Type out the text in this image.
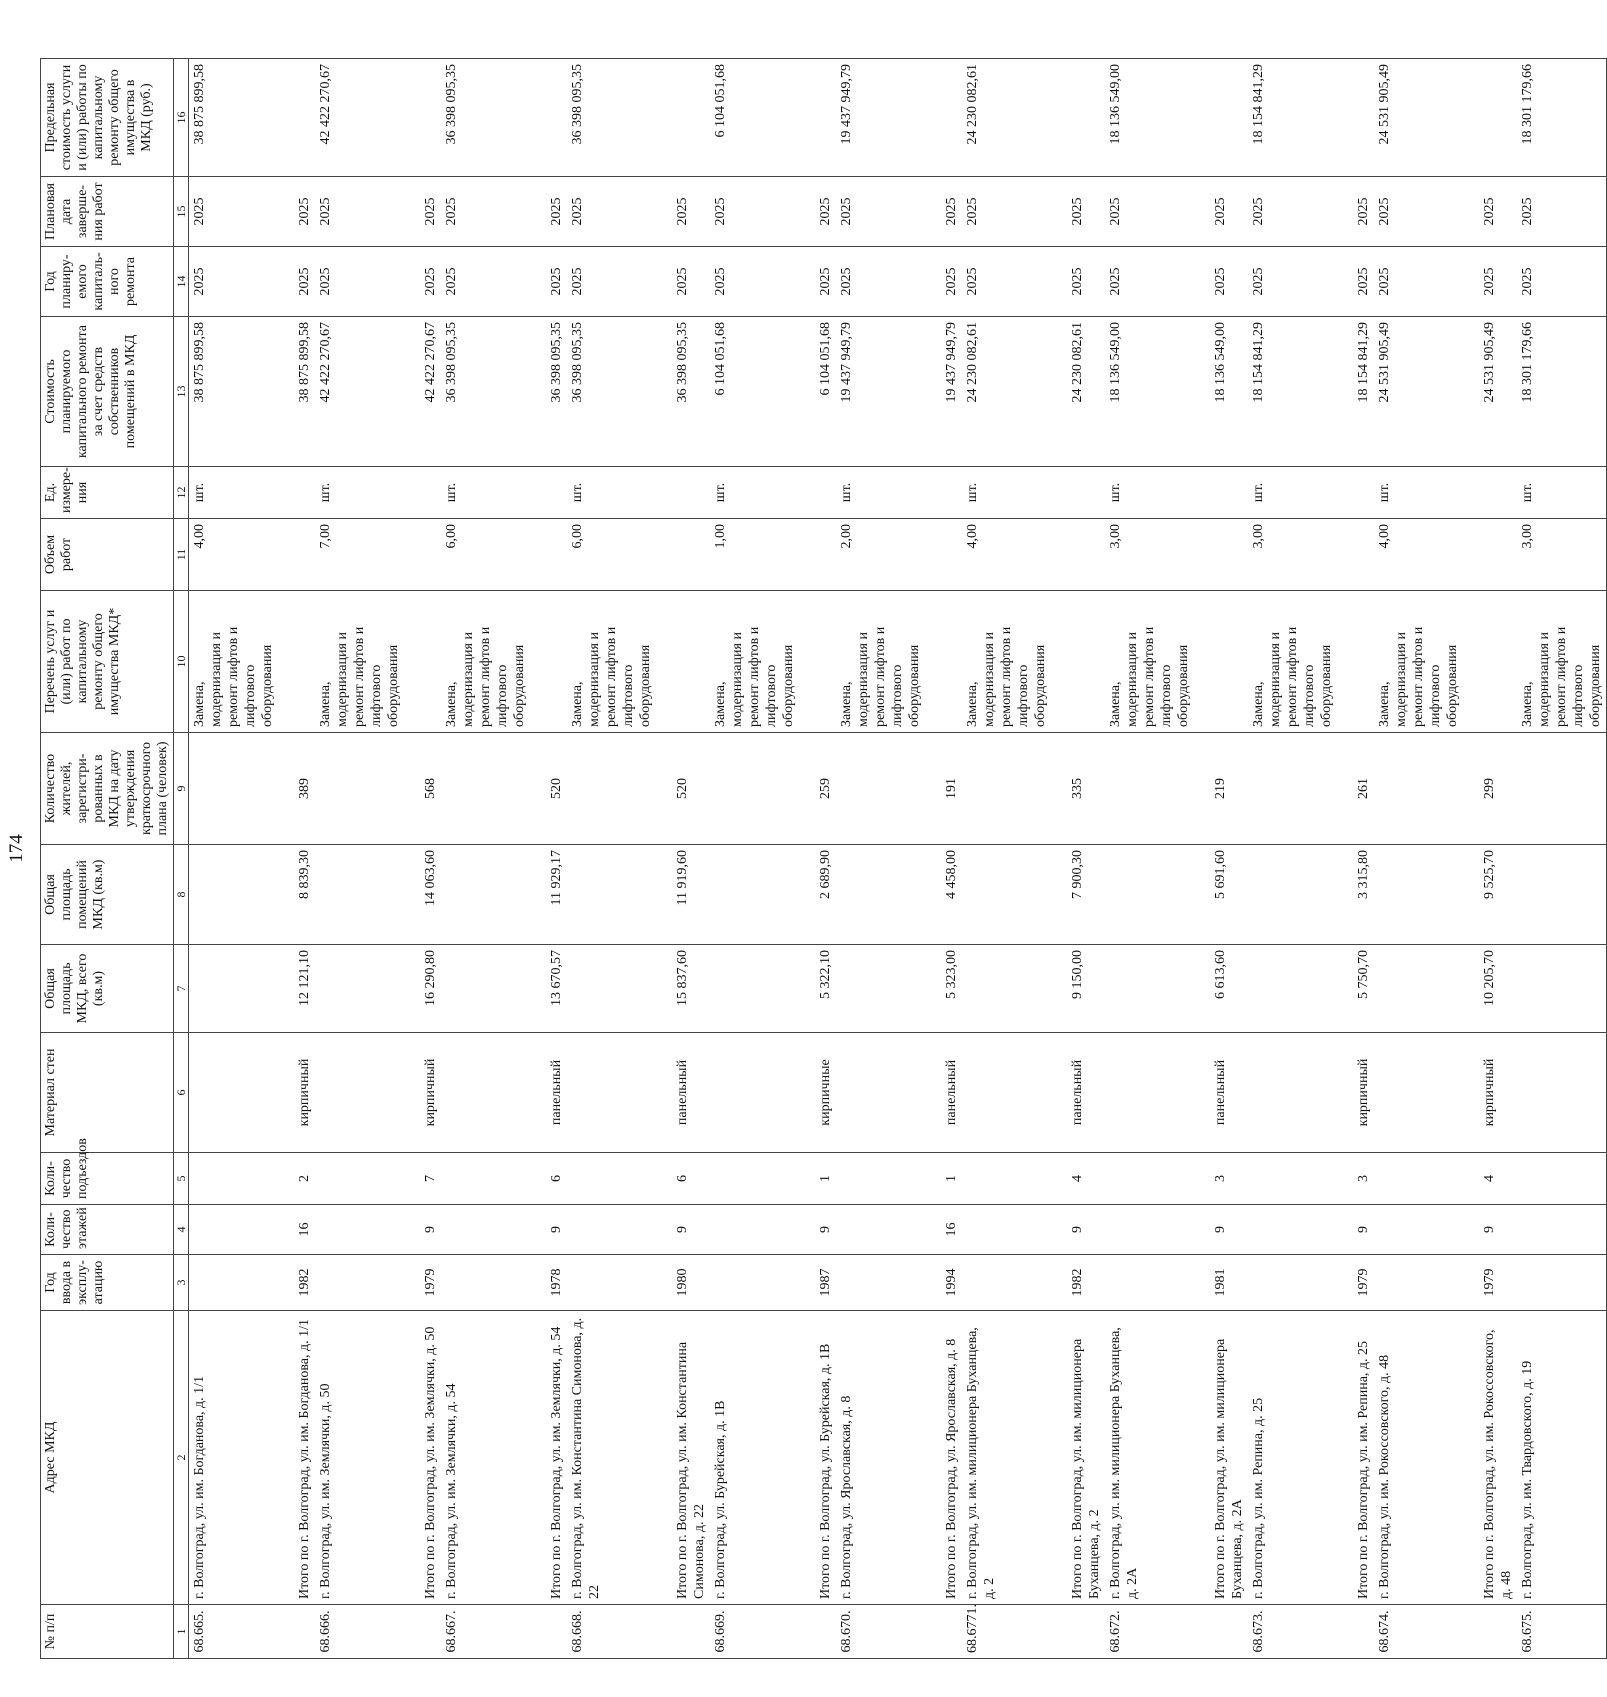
174
№ п/п	Адрес МКД	Год ввода в эксплу-атацию	Коли-чество этажей	Коли-чество подъездов	Материал стен	Общая площадь МКД, всего (кв.м)	Общая площадь помещений МКД (кв.м)	Количество жителей, зарегистри-рованных в МКД на дату утверждения краткосрочного плана (человек)	Перечень услуг и (или) работ по капитальному ремонту общего имущества МКД*	Объем работ	Ед. измере-ния	Стоимость планируемого капитального ремонта за счет средств собственников помещений в МКД	Год планиру-емого капиталь-ного ремонта	Плановая дата заверше-ния работ	Предельная стоимость услуги и (или) работы по капитальному ремонту общего имущества в МКД (руб.)
1	2	3	4	5	6	7	8	9	10	11	12	13	14	15	16
68.665.	г. Волгоград, ул. им. Богданова, д. 1/1								Замена, модернизация и ремонт лифтов и лифтового оборудования	4,00	шт.	38 875 899,58	2025	2025	38 875 899,58
	Итого по г. Волгоград, ул. им. Богданова, д. 1/1	1982	16	2	кирпичный	12 121,10	8 839,30	389				38 875 899,58	2025	2025	
68.666.	г. Волгоград, ул. им. Землячки, д. 50								Замена, модернизация и ремонт лифтов и лифтового оборудования	7,00	шт.	42 422 270,67	2025	2025	42 422 270,67
	Итого по г. Волгоград, ул. им. Землячки, д. 50	1979	9	7	кирпичный	16 290,80	14 063,60	568				42 422 270,67	2025	2025	
68.667.	г. Волгоград, ул. им. Землячки, д. 54								Замена, модернизация и ремонт лифтов и лифтового оборудования	6,00	шт.	36 398 095,35	2025	2025	36 398 095,35
	Итого по г. Волгоград, ул. им. Землячки, д. 54	1978	9	6	панельный	13 670,57	11 929,17	520				36 398 095,35	2025	2025	
68.668.	г. Волгоград, ул. им. Константина Симонова, д. 22								Замена, модернизация и ремонт лифтов и лифтового оборудования	6,00	шт.	36 398 095,35	2025	2025	36 398 095,35
	Итого по г. Волгоград, ул. им. Константина Симонова, д. 22	1980	9	6	панельный	15 837,60	11 919,60	520				36 398 095,35	2025	2025	
68.669.	г. Волгоград, ул. Бурейская, д. 1В								Замена, модернизация и ремонт лифтов и лифтового оборудования	1,00	шт.	6 104 051,68	2025	2025	6 104 051,68
	Итого по г. Волгоград, ул. Бурейская, д. 1В	1987	9	1	кирпичные	5 322,10	2 689,90	259				6 104 051,68	2025	2025	
68.670.	г. Волгоград, ул. Ярославская, д. 8								Замена, модернизация и ремонт лифтов и лифтового оборудования	2,00	шт.	19 437 949,79	2025	2025	19 437 949,79
	Итого по г. Волгоград, ул. Ярославская, д. 8	1994	16	1	панельный	5 323,00	4 458,00	191				19 437 949,79	2025	2025	
68.6771.	г. Волгоград, ул. им. милиционера Буханцева, д. 2								Замена, модернизация и ремонт лифтов и лифтового оборудования	4,00	шт.	24 230 082,61	2025	2025	24 230 082,61
	Итого по г. Волгоград, ул. им. милиционера Буханцева, д. 2	1982	9	4	панельный	9 150,00	7 900,30	335				24 230 082,61	2025	2025	
68.672.	г. Волгоград, ул. им. милиционера Буханцева, д. 2А								Замена, модернизация и ремонт лифтов и лифтового оборудования	3,00	шт.	18 136 549,00	2025	2025	18 136 549,00
	Итого по г. Волгоград, ул. им. милиционера Буханцева, д. 2А	1981	9	3	панельный	6 613,60	5 691,60	219				18 136 549,00	2025	2025	
68.673.	г. Волгоград, ул. им. Репина, д. 25								Замена, модернизация и ремонт лифтов и лифтового оборудования	3,00	шт.	18 154 841,29	2025	2025	18 154 841,29
	Итого по г. Волгоград, ул. им. Репина, д. 25	1979	9	3	кирпичный	5 750,70	3 315,80	261				18 154 841,29	2025	2025	
68.674.	г. Волгоград, ул. им. Рокоссовского, д. 48								Замена, модернизация и ремонт лифтов и лифтового оборудования	4,00	шт.	24 531 905,49	2025	2025	24 531 905,49
	Итого по г. Волгоград, ул. им. Рокоссовского, д. 48	1979	9	4	кирпичный	10 205,70	9 525,70	299				24 531 905,49	2025	2025	
68.675.	г. Волгоград, ул. им. Твардовского, д. 19								Замена, модернизация и ремонт лифтов и лифтового оборудования	3,00	шт.	18 301 179,66	2025	2025	18 301 179,66
